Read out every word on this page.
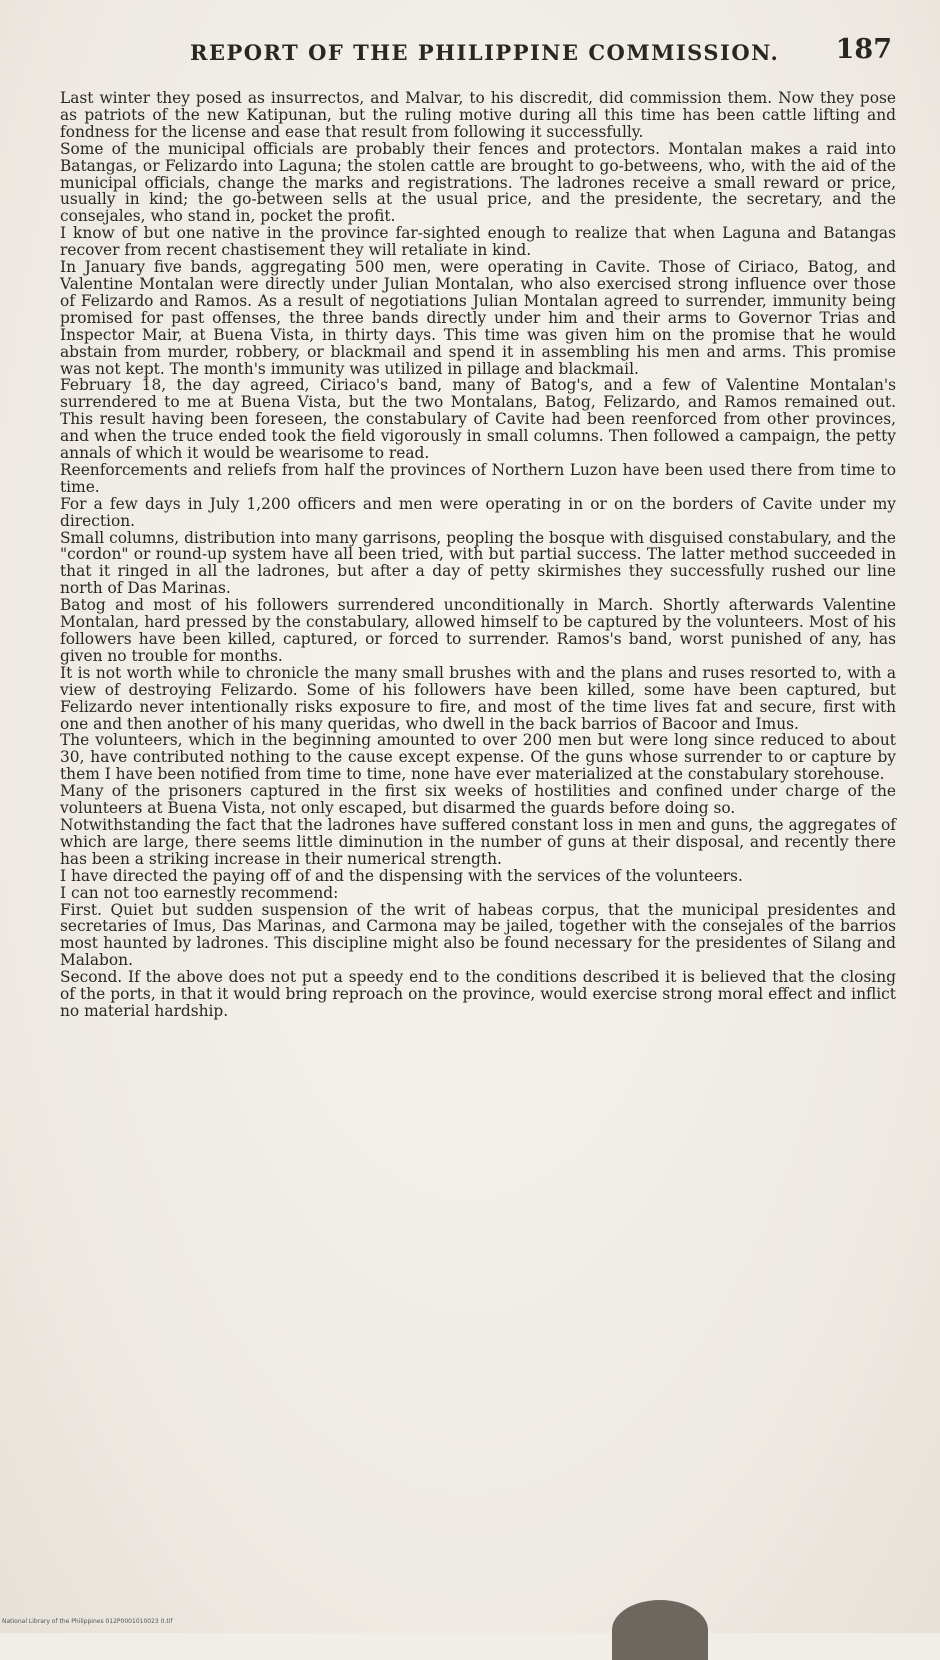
REPORT OF THE PHILIPPINE COMMISSION. 187

Last winter they posed as insurrectos, and Malvar, to his discredit, did commission them. Now they pose as patriots of the new Katipunan, but the ruling motive during all this time has been cattle lifting and fondness for the license and ease that result from following it successfully.

Some of the municipal officials are probably their fences and protectors. Montalan makes a raid into Batangas, or Felizardo into Laguna; the stolen cattle are brought to go-betweens, who, with the aid of the municipal officials, change the marks and registrations. The ladrones receive a small reward or price, usually in kind; the go-between sells at the usual price, and the presidente, the secretary, and the consejales, who stand in, pocket the profit.

I know of but one native in the province far-sighted enough to realize that when Laguna and Batangas recover from recent chastisement they will retaliate in kind.

In January five bands, aggregating 500 men, were operating in Cavite. Those of Ciriaco, Batog, and Valentine Montalan were directly under Julian Montalan, who also exercised strong influence over those of Felizardo and Ramos. As a result of negotiations Julian Montalan agreed to surrender, immunity being promised for past offenses, the three bands directly under him and their arms to Governor Trias and Inspector Mair, at Buena Vista, in thirty days. This time was given him on the promise that he would abstain from murder, robbery, or blackmail and spend it in assembling his men and arms. This promise was not kept. The month's immunity was utilized in pillage and blackmail.

February 18, the day agreed, Ciriaco's band, many of Batog's, and a few of Valentine Montalan's surrendered to me at Buena Vista, but the two Montalans, Batog, Felizardo, and Ramos remained out. This result having been foreseen, the constabulary of Cavite had been reenforced from other provinces, and when the truce ended took the field vigorously in small columns. Then followed a campaign, the petty annals of which it would be wearisome to read.

Reenforcements and reliefs from half the provinces of Northern Luzon have been used there from time to time.

For a few days in July 1,200 officers and men were operating in or on the borders of Cavite under my direction.

Small columns, distribution into many garrisons, peopling the bosque with disguised constabulary, and the "cordon" or round-up system have all been tried, with but partial success. The latter method succeeded in that it ringed in all the ladrones, but after a day of petty skirmishes they successfully rushed our line north of Das Marinas.

Batog and most of his followers surrendered unconditionally in March. Shortly afterwards Valentine Montalan, hard pressed by the constabulary, allowed himself to be captured by the volunteers. Most of his followers have been killed, captured, or forced to surrender. Ramos's band, worst punished of any, has given no trouble for months.

It is not worth while to chronicle the many small brushes with and the plans and ruses resorted to, with a view of destroying Felizardo. Some of his followers have been killed, some have been captured, but Felizardo never intentionally risks exposure to fire, and most of the time lives fat and secure, first with one and then another of his many queridas, who dwell in the back barrios of Bacoor and Imus.

The volunteers, which in the beginning amounted to over 200 men but were long since reduced to about 30, have contributed nothing to the cause except expense. Of the guns whose surrender to or capture by them I have been notified from time to time, none have ever materialized at the constabulary storehouse.

Many of the prisoners captured in the first six weeks of hostilities and confined under charge of the volunteers at Buena Vista, not only escaped, but disarmed the guards before doing so.

Notwithstanding the fact that the ladrones have suffered constant loss in men and guns, the aggregates of which are large, there seems little diminution in the number of guns at their disposal, and recently there has been a striking increase in their numerical strength.

I have directed the paying off of and the dispensing with the services of the volunteers.

I can not too earnestly recommend:

First. Quiet but sudden suspension of the writ of habeas corpus, that the municipal presidentes and secretaries of Imus, Das Marinas, and Carmona may be jailed, together with the consejales of the barrios most haunted by ladrones. This discipline might also be found necessary for the presidentes of Silang and Malabon.

Second. If the above does not put a speedy end to the conditions described it is believed that the closing of the ports, in that it would bring reproach on the province, would exercise strong moral effect and inflict no material hardship.

National Library of the Philippines 012P0001010023 0.tif
